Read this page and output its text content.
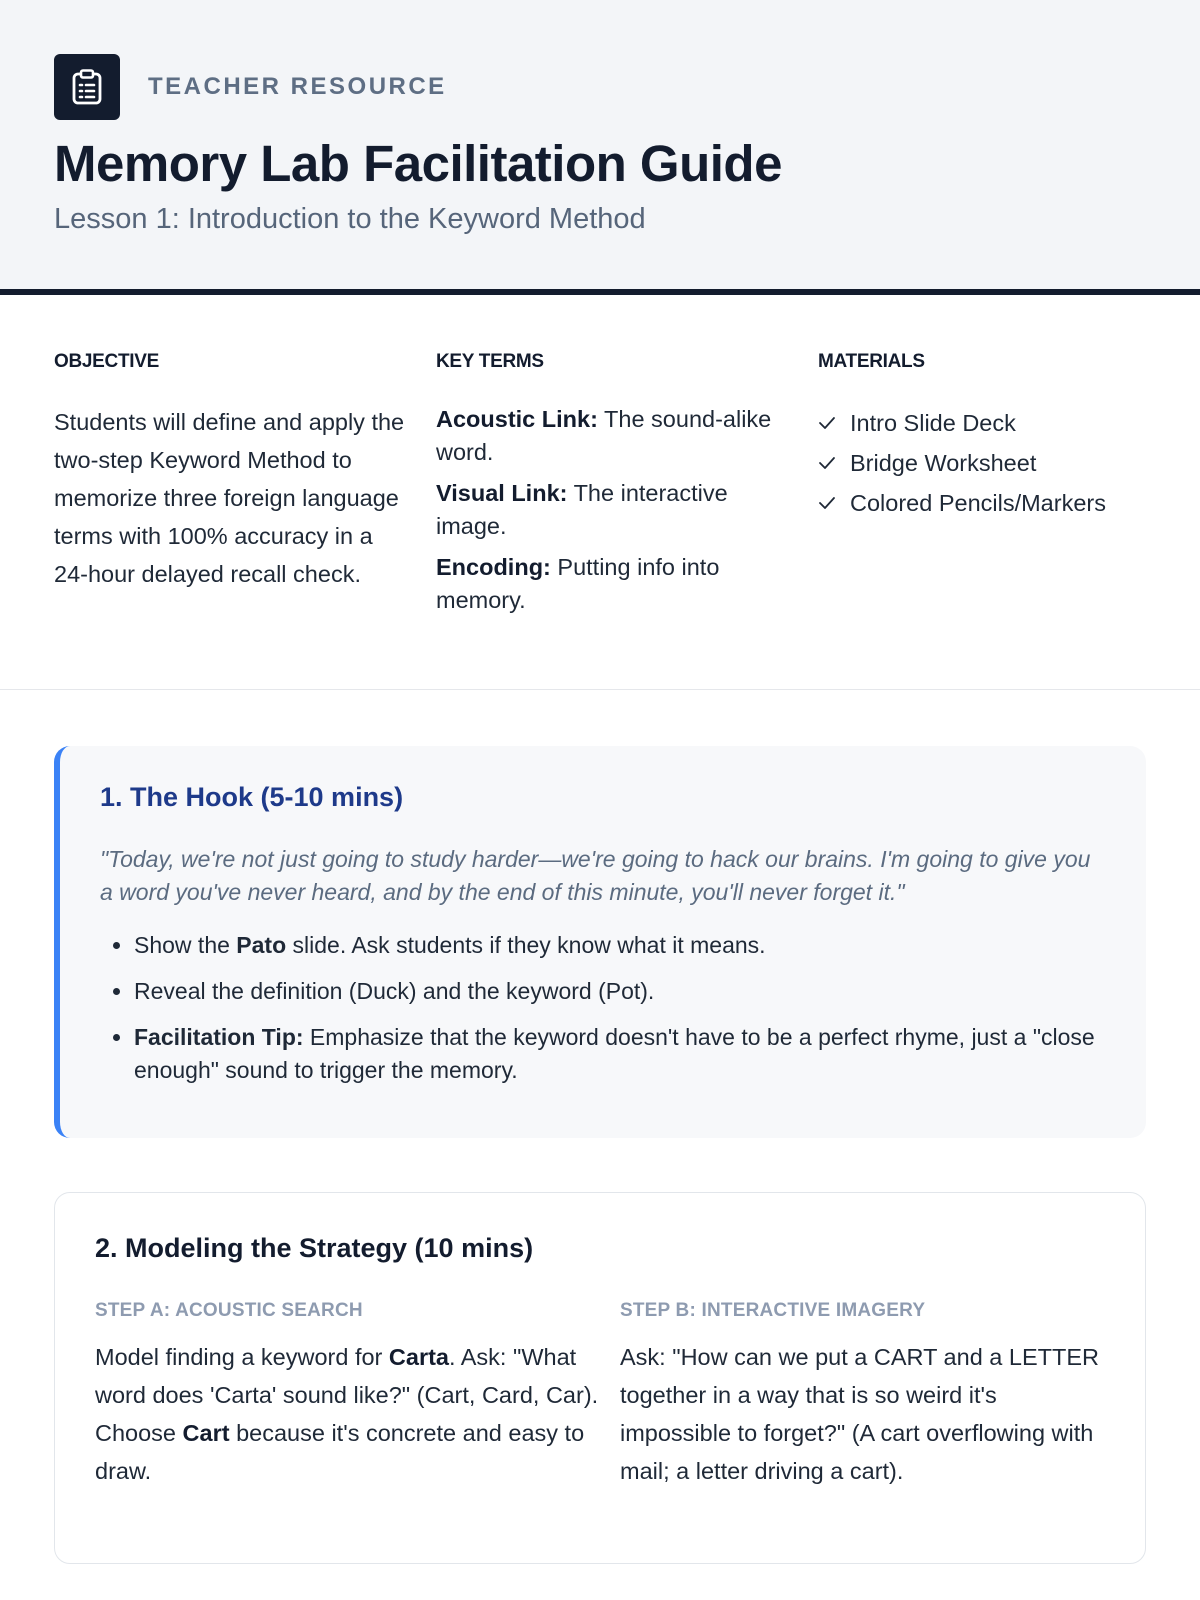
TEACHER RESOURCE
Memory Lab Facilitation Guide
Lesson 1: Introduction to the Keyword Method
OBJECTIVE
Students will define and apply the two-step Keyword Method to memorize three foreign language terms with 100% accuracy in a 24-hour delayed recall check.
KEY TERMS
Acoustic Link: The sound-alike word.
Visual Link: The interactive image.
Encoding: Putting info into memory.
MATERIALS
Intro Slide Deck
Bridge Worksheet
Colored Pencils/Markers
1. The Hook (5-10 mins)
"Today, we're not just going to study harder—we're going to hack our brains. I'm going to give you a word you've never heard, and by the end of this minute, you'll never forget it."
• Show the Pato slide. Ask students if they know what it means.
• Reveal the definition (Duck) and the keyword (Pot).
• Facilitation Tip: Emphasize that the keyword doesn't have to be a perfect rhyme, just a "close enough" sound to trigger the memory.
2. Modeling the Strategy (10 mins)
STEP A: ACOUSTIC SEARCH
Model finding a keyword for Carta. Ask: "What word does 'Carta' sound like?" (Cart, Card, Car). Choose Cart because it's concrete and easy to draw.
STEP B: INTERACTIVE IMAGERY
Ask: "How can we put a CART and a LETTER together in a way that is so weird it's impossible to forget?" (A cart overflowing with mail; a letter driving a cart).
